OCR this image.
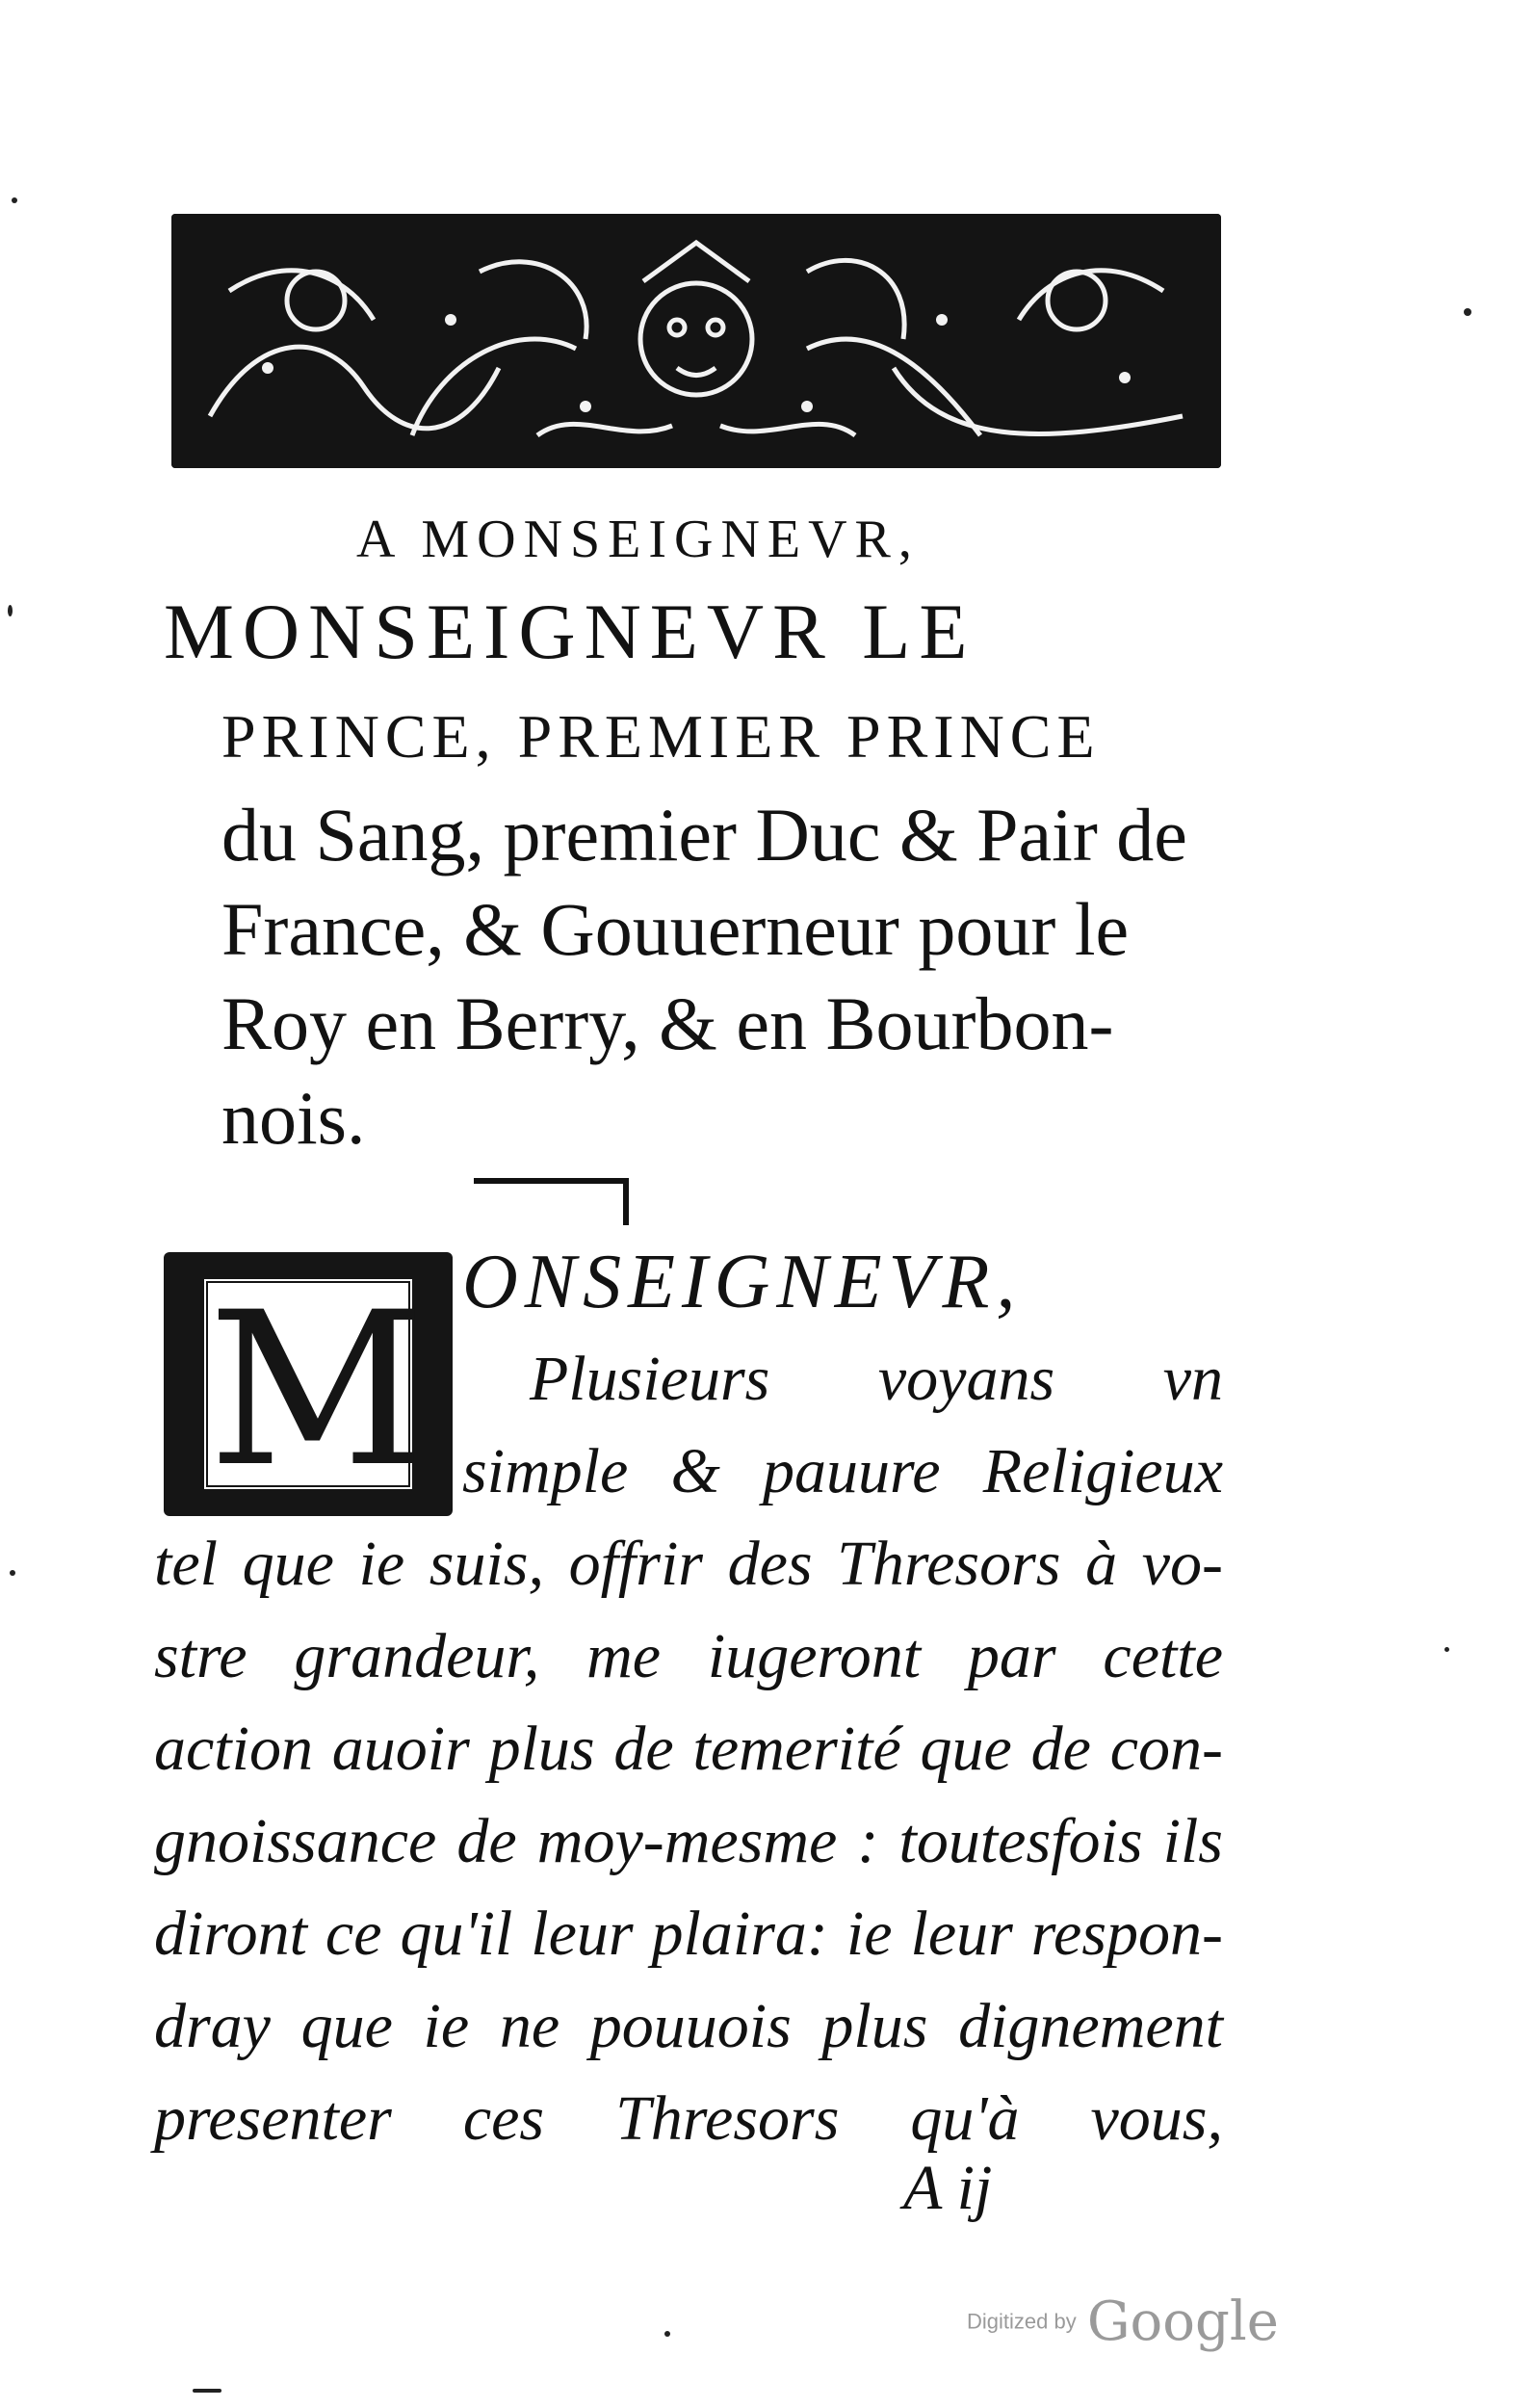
A MONSEIGNEVR,
MONSEIGNEVR LE
PRINCE, PREMIER PRINCE
du Sang, premier Duc & Pair de
France, & Gouuerneur pour le
Roy en Berry, & en Bourbon-
nois.
M ONSEIGNEVR,
Plusieurs voyans vn
simple & pauure Religieux
tel que ie suis, offrir des Thresors à vo-
stre grandeur, me iugeront par cette
action auoir plus de temerité que de con-
gnoissance de moy-mesme : toutesfois ils
diront ce qu'il leur plaira: ie leur respon-
dray que ie ne pouuois plus dignement
presenter ces Thresors qu'à vous,
A ij
Digitized by Google
